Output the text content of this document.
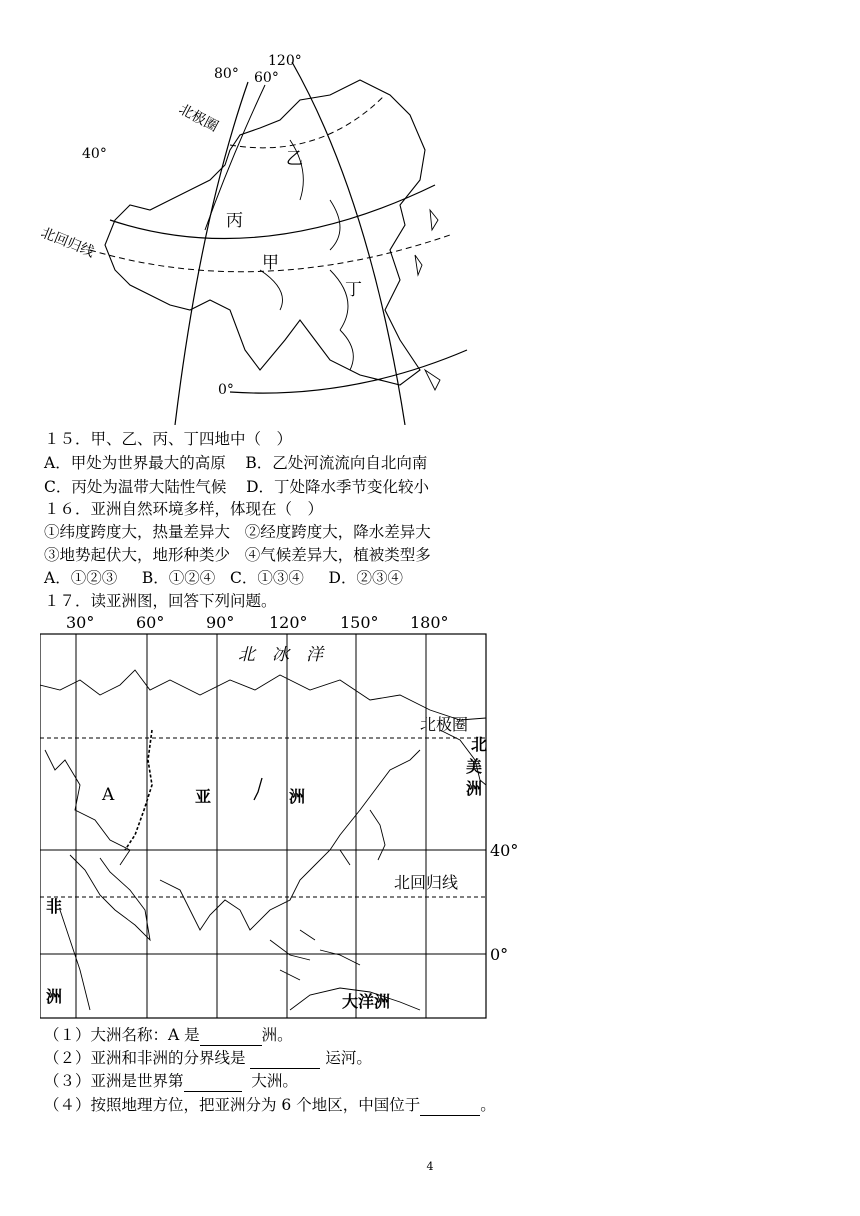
80° 60°
120°
40°
北极圈
北回归线
0°
乙
丙
甲
丁
１５．甲、乙、丙、丁四地中（　）
A．甲处为世界最大的高原 B．乙处河流流向自北向南
C．丙处为温带大陆性气候 D．丁处降水季节变化较小
１６．亚洲自然环境多样，体现在（　）
①纬度跨度大，热量差异大 ②经度跨度大，降水差异大
③地势起伏大，地形种类少 ④气候差异大，植被类型多
A．①②③ B．①②④ C．①③④ D．②③④
１７．读亚洲图，回答下列问题。
30°	60°	90° 120° 150° 180°
40°
0°
北　冰　洋
北极圈
北回归线
A	亚	洲
北
美
洲
非
洲	大洋洲
（１）大洲名称：A 是	洲。
（２）亚洲和非洲的分界线是	运河。
（３）亚洲是世界第	大洲。
（４）按照地理方位，把亚洲分为 6 个地区，中国位于	。
4
